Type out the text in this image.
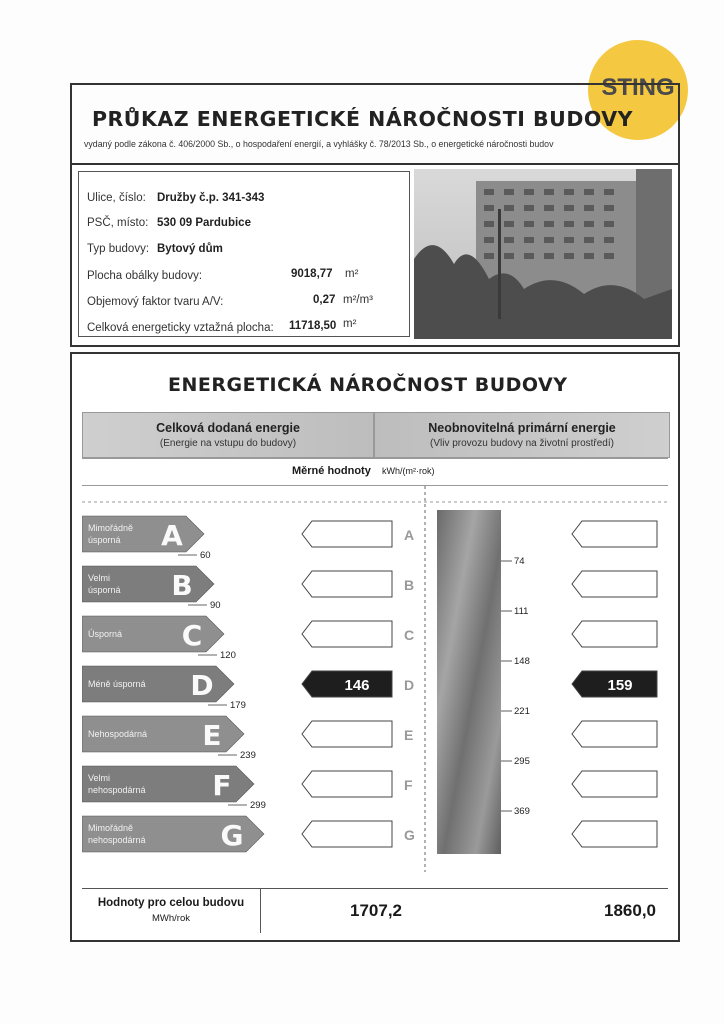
STING
PRŮKAZ ENERGETICKÉ NÁROČNOSTI BUDOVY
vydaný podle zákona č. 406/2000 Sb., o hospodaření energií, a vyhlášky č. 78/2013 Sb., o energetické náročnosti budov
Ulice, číslo: Družby č.p. 341-343
PSČ, místo: 530 09 Pardubice
Typ budovy: Bytový dům
Plocha obálky budovy:	9018,77 m²
Objemový faktor tvaru A/V:	0,27 m²/m³
Celková energeticky vztažná plocha: 11718,50 m²
ENERGETICKÁ NÁROČNOST BUDOVY
Celková dodaná energie
(Energie na vstupu do budovy)
Neobnovitelná primární energie
(Vliv provozu budovy na životní prostředí)
Měrné hodnoty kWh/(m²·rok)
Mimořádně
úsporná A
60
74
A
Velmi
úsporná B
90
111
B
Úsporná C
120
148
C
Méně úsporná D
179
221
D
146	159
Nehospodárná E
239
295
E
Velmi
nehospodárná F
299
369
F
Mimořádně
nehospodárná	G	G
Hodnoty pro celou budovu
MWh/rok	1707,2	1860,0
